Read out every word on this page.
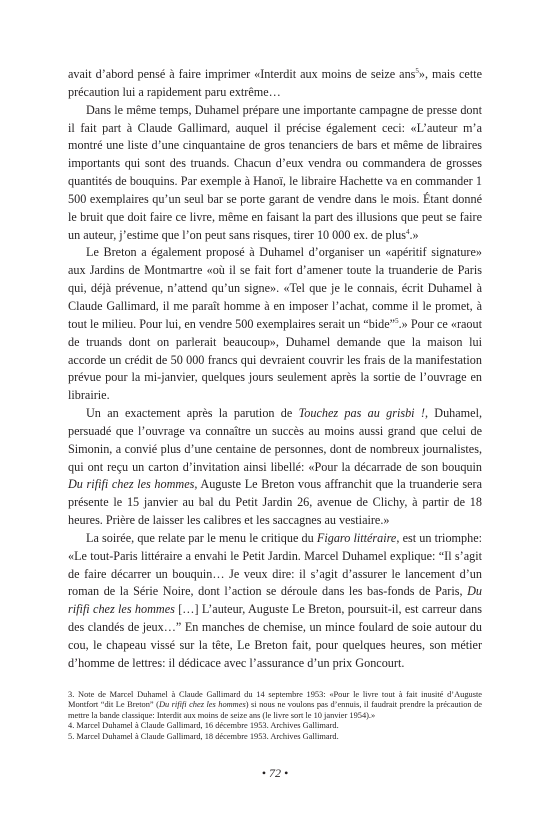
avait d’abord pensé à faire imprimer «Interdit aux moins de seize ans$^5$», mais cette précaution lui a rapidement paru extrême…

Dans le même temps, Duhamel prépare une importante campagne de presse dont il fait part à Claude Gallimard, auquel il précise également ceci: «L’auteur m’a montré une liste d’une cinquantaine de gros tenanciers de bars et même de libraires importants qui sont des truands. Chacun d’eux vendra ou commandera de grosses quantités de bouquins. Par exemple à Hanoï, le libraire Hachette va en commander 1 500 exemplaires qu’un seul bar se porte garant de vendre dans le mois. Étant donné le bruit que doit faire ce livre, même en faisant la part des illusions que peut se faire un auteur, j’estime que l’on peut sans risques, tirer 10 000 ex. de plus$^4$.»

Le Breton a également proposé à Duhamel d’organiser un «apéritif signature» aux Jardins de Montmartre «où il se fait fort d’amener toute la truanderie de Paris qui, déjà prévenue, n’attend qu’un signe». «Tel que je le connais, écrit Duhamel à Claude Gallimard, il me paraît homme à en imposer l’achat, comme il le promet, à tout le milieu. Pour lui, en vendre 500 exemplaires serait un “bide”$^5$.» Pour ce «raout de truands dont on parlerait beaucoup», Duhamel demande que la maison lui accorde un crédit de 50 000 francs qui devraient couvrir les frais de la manifestation prévue pour la mi-janvier, quelques jours seulement après la sortie de l’ouvrage en librairie.

Un an exactement après la parution de Touchez pas au grisbi !, Duhamel, persuadé que l’ouvrage va connaître un succès au moins aussi grand que celui de Simonin, a convié plus d’une centaine de personnes, dont de nombreux journalistes, qui ont reçu un carton d’invitation ainsi libellé: «Pour la décarrade de son bouquin Du rififi chez les hommes, Auguste Le Breton vous affranchit que la truanderie sera présente le 15 janvier au bal du Petit Jardin 26, avenue de Clichy, à partir de 18 heures. Prière de laisser les calibres et les saccagnes au vestiaire.»

La soirée, que relate par le menu le critique du Figaro littéraire, est un triomphe: «Le tout-Paris littéraire a envahi le Petit Jardin. Marcel Duhamel explique: “Il s’agit de faire décarrer un bouquin… Je veux dire: il s’agit d’assurer le lancement d’un roman de la Série Noire, dont l’action se déroule dans les bas-fonds de Paris, Du rififi chez les hommes […] L’auteur, Auguste Le Breton, poursuit-il, est carreur dans des clandés de jeux…” En manches de chemise, un mince foulard de soie autour du cou, le chapeau vissé sur la tête, Le Breton fait, pour quelques heures, son métier d’homme de lettres: il dédicace avec l’assurance d’un prix Goncourt.

3. Note de Marcel Duhamel à Claude Gallimard du 14 septembre 1953: «Pour le livre tout à fait inusité d’Auguste Montfort “dit Le Breton” (Du rififi chez les hommes) si nous ne voulons pas d’ennuis, il faudrait prendre la précaution de mettre la bande classique: Interdit aux moins de seize ans (le livre sort le 10 janvier 1954).»

4. Marcel Duhamel à Claude Gallimard, 16 décembre 1953. Archives Gallimard.

5. Marcel Duhamel à Claude Gallimard, 18 décembre 1953. Archives Gallimard.

• 72 •
